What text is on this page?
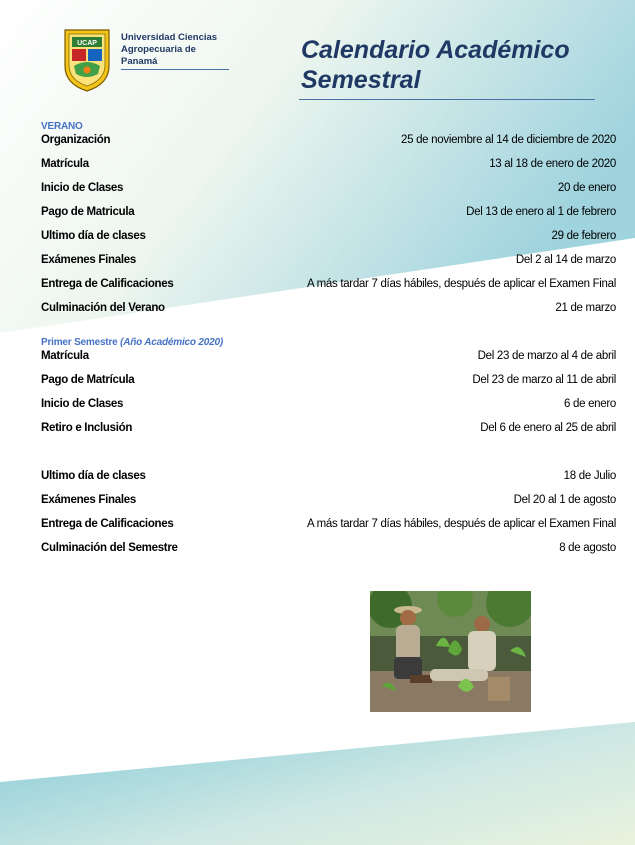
UCAP
Universidad Ciencias
Agropecuaria de
Panamá	Calendario Académico
Semestral
VERANO
Organización	25 de noviembre al 14 de diciembre de 2020
Matrícula	13 al 18 de enero de 2020
Inicio de Clases	20 de enero
Pago de Matricula	Del 13 de enero al 1 de febrero
Ultimo día de clases	29 de febrero
Exámenes Finales	Del 2 al 14 de marzo
Entrega de Calificaciones	A más tardar 7 días hábiles, después de aplicar el Examen Final
Culminación del Verano	21 de marzo
Primer Semestre (Año Académico 2020)
Matrícula	Del 23 de marzo al 4 de abril
Pago de Matrícula	Del 23 de marzo al 11 de abril
Inicio de Clases	6 de enero
Retiro e Inclusión	Del 6 de enero al 25 de abril
Ultimo día de clases	18 de Julio
Exámenes Finales	Del 20 al 1 de agosto
Entrega de Calificaciones	A más tardar 7 días hábiles, después de aplicar el Examen Final
Culminación del Semestre	8 de agosto
